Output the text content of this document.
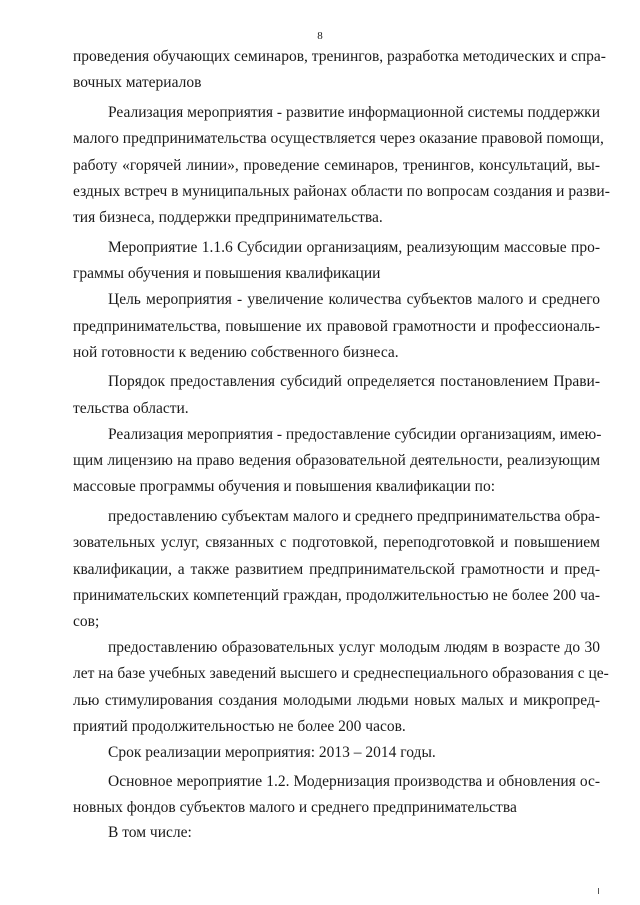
8
проведения обучающих семинаров, тренингов, разработка методических и спра-
вочных материалов
Реализация мероприятия - развитие информационной системы поддержки
малого предпринимательства осуществляется через оказание правовой помощи,
работу «горячей линии», проведение семинаров, тренингов, консультаций, вы-
ездных встреч в муниципальных районах области по вопросам создания и разви-
тия бизнеса, поддержки предпринимательства.
Мероприятие 1.1.6 Субсидии организациям, реализующим массовые про-
граммы обучения и повышения квалификации
Цель мероприятия - увеличение количества субъектов малого и среднего
предпринимательства, повышение их правовой грамотности и профессиональ-
ной готовности к ведению собственного бизнеса.
Порядок предоставления субсидий определяется постановлением Прави-
тельства области.
Реализация мероприятия - предоставление субсидии организациям, имею-
щим лицензию на право ведения образовательной деятельности, реализующим
массовые программы обучения и повышения квалификации по:
предоставлению субъектам малого и среднего предпринимательства обра-
зовательных услуг, связанных с подготовкой, переподготовкой и повышением
квалификации, а также развитием предпринимательской грамотности и пред-
принимательских компетенций граждан, продолжительностью не более 200 ча-
сов;
предоставлению образовательных услуг молодым людям в возрасте до 30
лет на базе учебных заведений высшего и среднеспециального образования с це-
лью стимулирования создания молодыми людьми новых малых и микропред-
приятий продолжительностью не более 200 часов.
Срок реализации мероприятия: 2013 – 2014 годы.
Основное мероприятие 1.2. Модернизация производства и обновления ос-
новных фондов субъектов малого и среднего предпринимательства
В том числе:
